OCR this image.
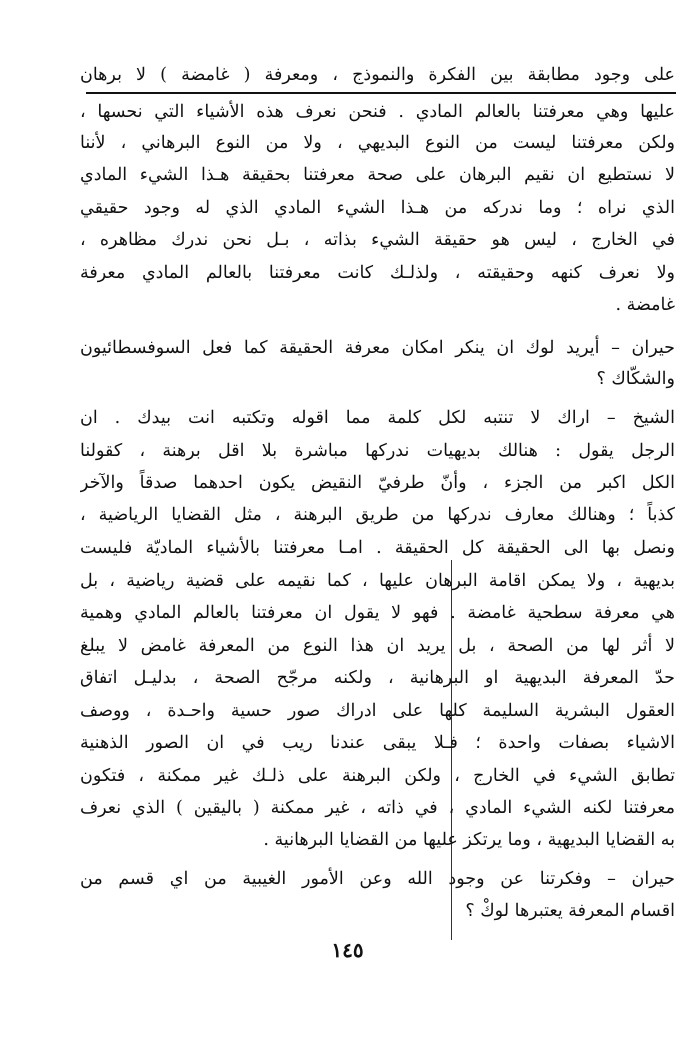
على وجود مطابقة بين الفكرة والنموذج ، ومعرفة ( غامضة ) لا برهان
عليها وهي معرفتنا بالعالم المادي . فنحن نعرف هذه الأشياء التي نحسها ،
ولكن معرفتنا ليست من النوع البديهي ، ولا من النوع البرهاني ، لأننا
لا نستطيع ان نقيم البرهان على صحة معرفتنا بحقيقة هـذا الشيء المادي
الذي نراه ؛ وما ندركه من هـذا الشيء المادي الذي له وجود حقيقي
في الخارج ، ليس هو حقيقة الشيء بذاته ، بـل نحن ندرك مظاهره ،
ولا نعرف كنهه وحقيقته ، ولذلـك كانت معرفتنا بالعالم المادي معرفة
غامضة .
حيران – أيريد لوك ان ينكر امكان معرفة الحقيقة كما فعل السوفسطائيون
والشكّاك ؟
الشيخ – اراك لا تنتبه لكل كلمة مما اقوله وتكتبه انت بيدك . ان
الرجل يقول : هنالك بديهيات ندركها مباشرة بلا اقل برهنة ، كقولنا
الكل اكبر من الجزء ، وأنّ طرفيّ النقيض يكون احدهما صدقاً والآخر
كذباً ؛ وهنالك معارف ندركها من طريق البرهنة ، مثل القضايا الرياضية ،
ونصل بها الى الحقيقة كل الحقيقة . امـا معرفتنا بالأشياء الماديّة فليست
بديهية ، ولا يمكن اقامة البرهان عليها ، كما نقيمه على قضية رياضية ، بل
هي معرفة سطحية غامضة . فهو لا يقول ان معرفتنا بالعالم المادي وهمية
لا أثر لها من الصحة ، بل يريد ان هذا النوع من المعرفة غامض لا يبلغ
حدّ المعرفة البديهية او البرهانية ، ولكنه مرجّح الصحة ، بدليـل اتفاق
العقول البشرية السليمة كلها على ادراك صور حسية واحـدة ، ووصف
الاشياء بصفات واحدة ؛ فـلا يبقى عندنا ريب في ان الصور الذهنية
تطابق الشيء في الخارج ، ولكن البرهنة على ذلـك غير ممكنة ، فتكون
معرفتنا لكنه الشيء المادي ، في ذاته ، غير ممكنة ( باليقين ) الذي نعرف
به القضايا البديهية ، وما يرتكز عليها من القضايا البرهانية .
حيران – وفكرتنا عن وجود الله وعن الأمور الغيبية من اي قسم من
اقسام المعرفة يعتبرها لوكْ ؟
١٤٥
